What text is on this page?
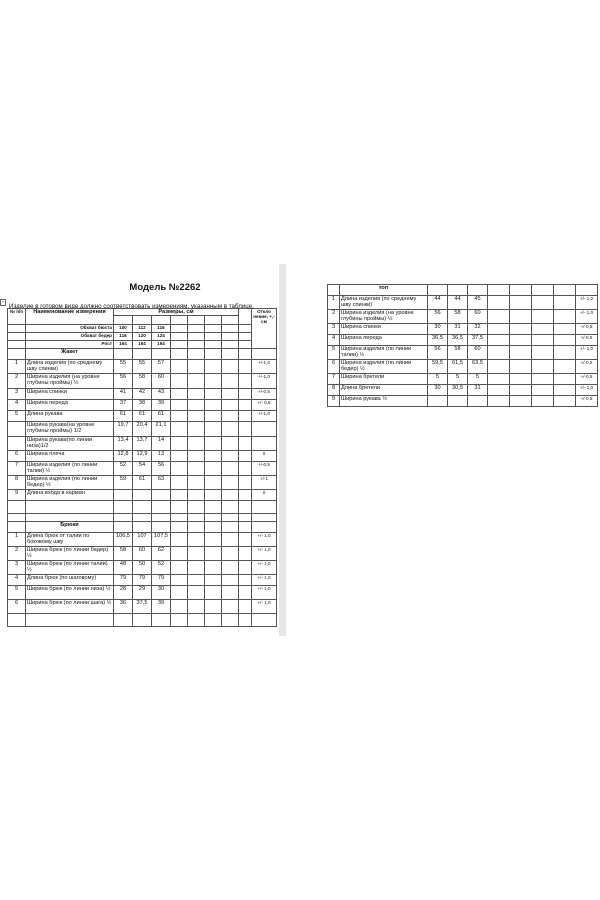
Модель №2262
+
Изделие в готовом виде должно соответствовать измерениям, указанным в таблице.
№ п/п	Наименование измерения	Размеры, см								Откло нение, +,- см

	Обхват бюста	100	112	116						
	Обхват бедер	116	120	124						
	Рост	164	164	164						
	Жакет									
1	Длина изделия (по среднему шву спинки)	55	55	57						+/-1,0
2	Ширина изделия (на уровне глубины проймы) ½	56	58	60						+/-1,0
3	Ширина спинки	41	42	43						+/-0,5
4	Ширина переда	37	38	39						+/- 0,5
5	Длина рукава	61	61	61						+/-1,0
	Ширина рукава(на уровне глубины проймы) 1/2	19,7	20,4	21,1						
	Ширина рукава(по линии низа)1/2	13,4	13,7	14						
6	Ширина плеча	12,8	12,9	13						0
7	Ширина изделия (по линии талии) ½	52	54	56						+/-0,5
8	Ширина изделия (по линии бедер) ½	59	61	63						+/-1
9	Длина входа в карман									0

	Брюки									
1	Длина брюк от талии по боковому шву	106,5	107	107,5						+/- 1,0
2	Ширина брюк (по линии бедер) ½	58	60	62						+/- 1,0
3	Ширина брюк (по линии талии) ½	48	50	52						+/- 1,0
4	Длина брюк (по шаговому)	79	79	79						+/- 1,0
5	Ширина брюк (по линии низа) ½	28	29	30						+/- 1,0
6	Ширина брюк (по линии шага) ½	36	37,5	39						+/- 1,0

	топ								
1	Длина изделия (по среднему шву спинки)	44	44	45					+/- 1,0
2	Ширина изделия (на уровне глубины проймы) ½	56	58	60					+/- 1,0
3	Ширина спинки	30	31	32					+/-0,5
4	Ширина переда	36,5	36,5	37,5					+/-0,5
5	Ширина изделия (по линии талии) ½	56	58	60					+/- 1,0
6	Ширина изделия (по линии бедер) ½	59,5	61,5	63,5					+/-0,5
7	Ширина бретели	5	5	5					+/-0,5
8	Длина бретели	30	30,5	31					+/- 1,0
9	Ширина рукава ½								+/-0,5
